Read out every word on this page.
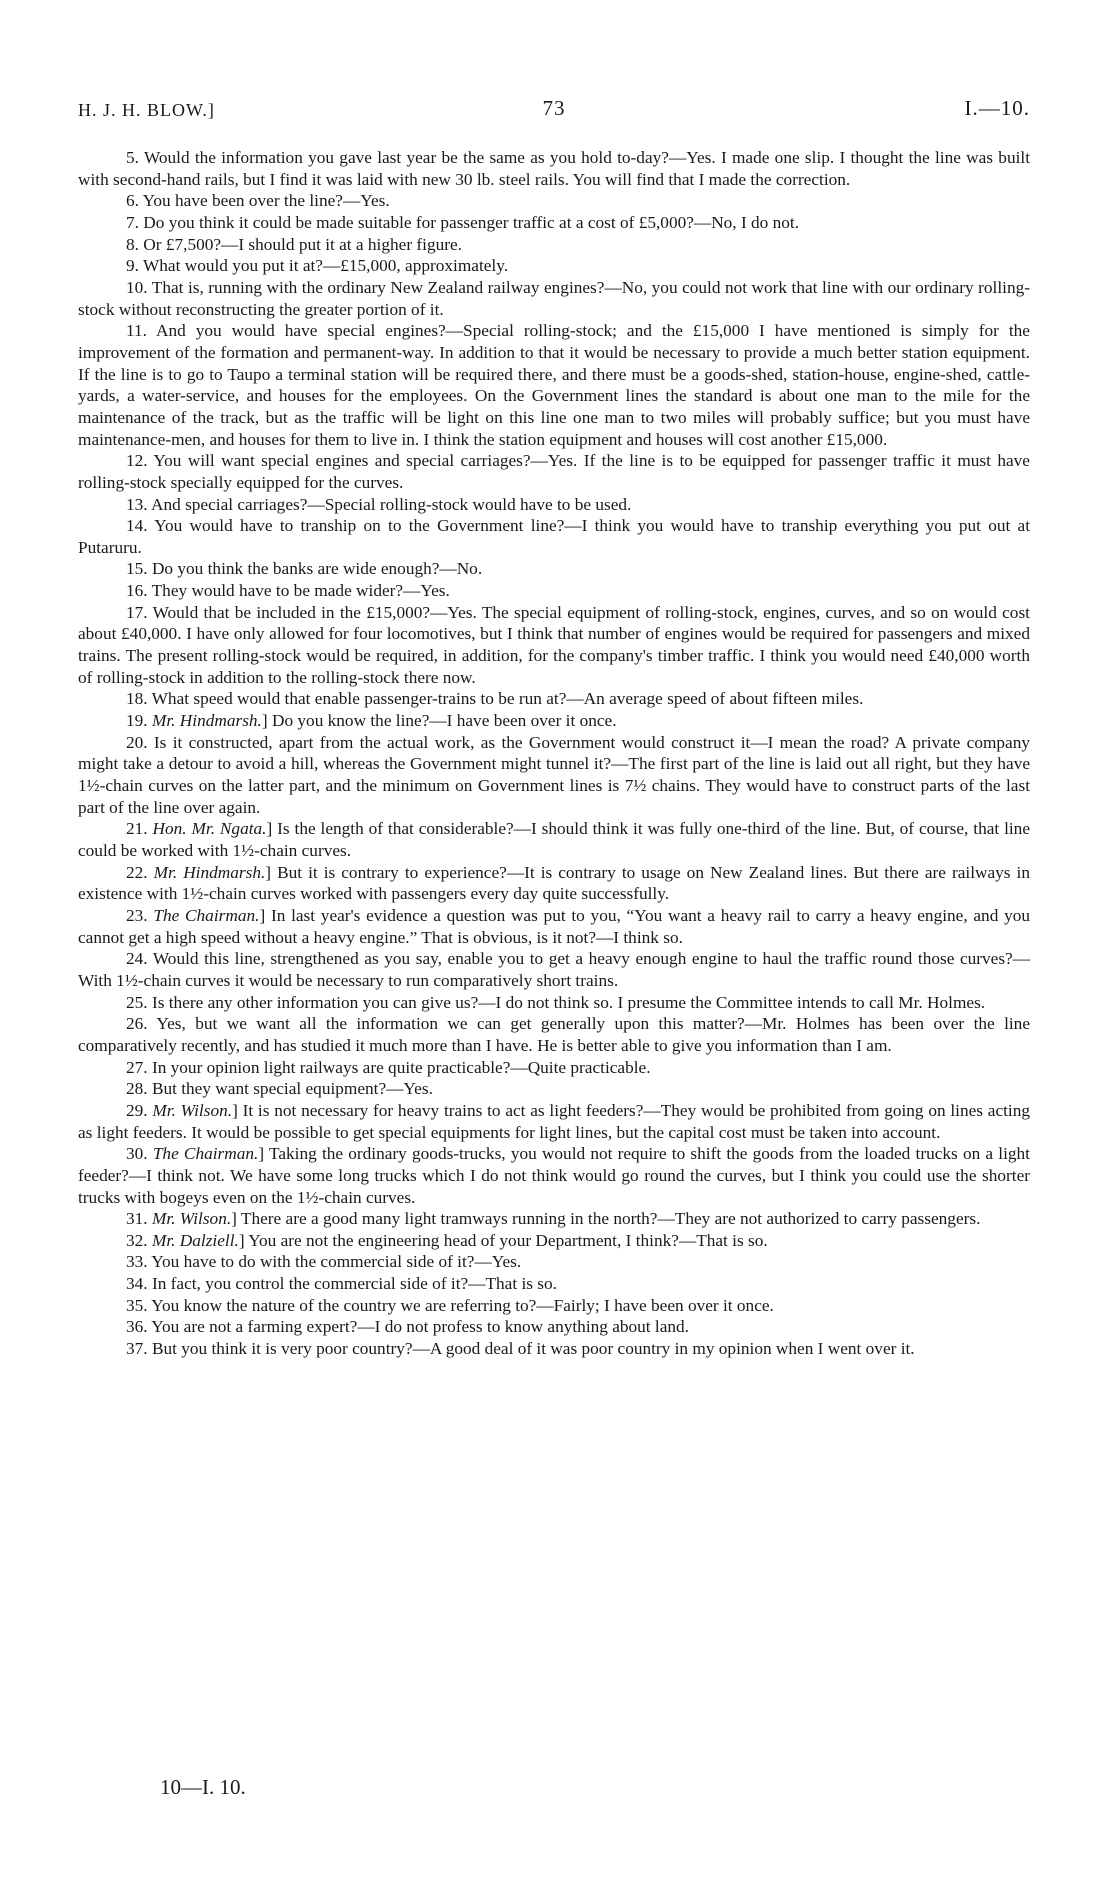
H. J. H. BLOW.]	73	I.—10.

5. Would the information you gave last year be the same as you hold to-day?—Yes. I made one slip. I thought the line was built with second-hand rails, but I find it was laid with new 30 lb. steel rails. You will find that I made the correction.

6. You have been over the line?—Yes.

7. Do you think it could be made suitable for passenger traffic at a cost of £5,000?—No, I do not.

8. Or £7,500?—I should put it at a higher figure.

9. What would you put it at?—£15,000, approximately.

10. That is, running with the ordinary New Zealand railway engines?—No, you could not work that line with our ordinary rolling-stock without reconstructing the greater portion of it.

11. And you would have special engines?—Special rolling-stock; and the £15,000 I have mentioned is simply for the improvement of the formation and permanent-way. In addition to that it would be necessary to provide a much better station equipment. If the line is to go to Taupo a terminal station will be required there, and there must be a goods-shed, station-house, engine-shed, cattle-yards, a water-service, and houses for the employees. On the Government lines the standard is about one man to the mile for the maintenance of the track, but as the traffic will be light on this line one man to two miles will probably suffice; but you must have maintenance-men, and houses for them to live in. I think the station equipment and houses will cost another £15,000.

12. You will want special engines and special carriages?—Yes. If the line is to be equipped for passenger traffic it must have rolling-stock specially equipped for the curves.

13. And special carriages?—Special rolling-stock would have to be used.

14. You would have to tranship on to the Government line?—I think you would have to tranship everything you put out at Putaruru.

15. Do you think the banks are wide enough?—No.

16. They would have to be made wider?—Yes.

17. Would that be included in the £15,000?—Yes. The special equipment of rolling-stock, engines, curves, and so on would cost about £40,000. I have only allowed for four locomotives, but I think that number of engines would be required for passengers and mixed trains. The present rolling-stock would be required, in addition, for the company's timber traffic. I think you would need £40,000 worth of rolling-stock in addition to the rolling-stock there now.

18. What speed would that enable passenger-trains to be run at?—An average speed of about fifteen miles.

19. Mr. Hindmarsh.] Do you know the line?—I have been over it once.

20. Is it constructed, apart from the actual work, as the Government would construct it—I mean the road? A private company might take a detour to avoid a hill, whereas the Government might tunnel it?—The first part of the line is laid out all right, but they have 1½-chain curves on the latter part, and the minimum on Government lines is 7½ chains. They would have to construct parts of the last part of the line over again.

21. Hon. Mr. Ngata.] Is the length of that considerable?—I should think it was fully one-third of the line. But, of course, that line could be worked with 1½-chain curves.

22. Mr. Hindmarsh.] But it is contrary to experience?—It is contrary to usage on New Zealand lines. But there are railways in existence with 1½-chain curves worked with passengers every day quite successfully.

23. The Chairman.] In last year's evidence a question was put to you, “You want a heavy rail to carry a heavy engine, and you cannot get a high speed without a heavy engine.” That is obvious, is it not?—I think so.

24. Would this line, strengthened as you say, enable you to get a heavy enough engine to haul the traffic round those curves?—With 1½-chain curves it would be necessary to run comparatively short trains.

25. Is there any other information you can give us?—I do not think so. I presume the Committee intends to call Mr. Holmes.

26. Yes, but we want all the information we can get generally upon this matter?—Mr. Holmes has been over the line comparatively recently, and has studied it much more than I have. He is better able to give you information than I am.

27. In your opinion light railways are quite practicable?—Quite practicable.

28. But they want special equipment?—Yes.

29. Mr. Wilson.] It is not necessary for heavy trains to act as light feeders?—They would be prohibited from going on lines acting as light feeders. It would be possible to get special equipments for light lines, but the capital cost must be taken into account.

30. The Chairman.] Taking the ordinary goods-trucks, you would not require to shift the goods from the loaded trucks on a light feeder?—I think not. We have some long trucks which I do not think would go round the curves, but I think you could use the shorter trucks with bogeys even on the 1½-chain curves.

31. Mr. Wilson.] There are a good many light tramways running in the north?—They are not authorized to carry passengers.

32. Mr. Dalziell.] You are not the engineering head of your Department, I think?—That is so.

33. You have to do with the commercial side of it?—Yes.

34. In fact, you control the commercial side of it?—That is so.

35. You know the nature of the country we are referring to?—Fairly; I have been over it once.

36. You are not a farming expert?—I do not profess to know anything about land.

37. But you think it is very poor country?—A good deal of it was poor country in my opinion when I went over it.

10—I. 10.
